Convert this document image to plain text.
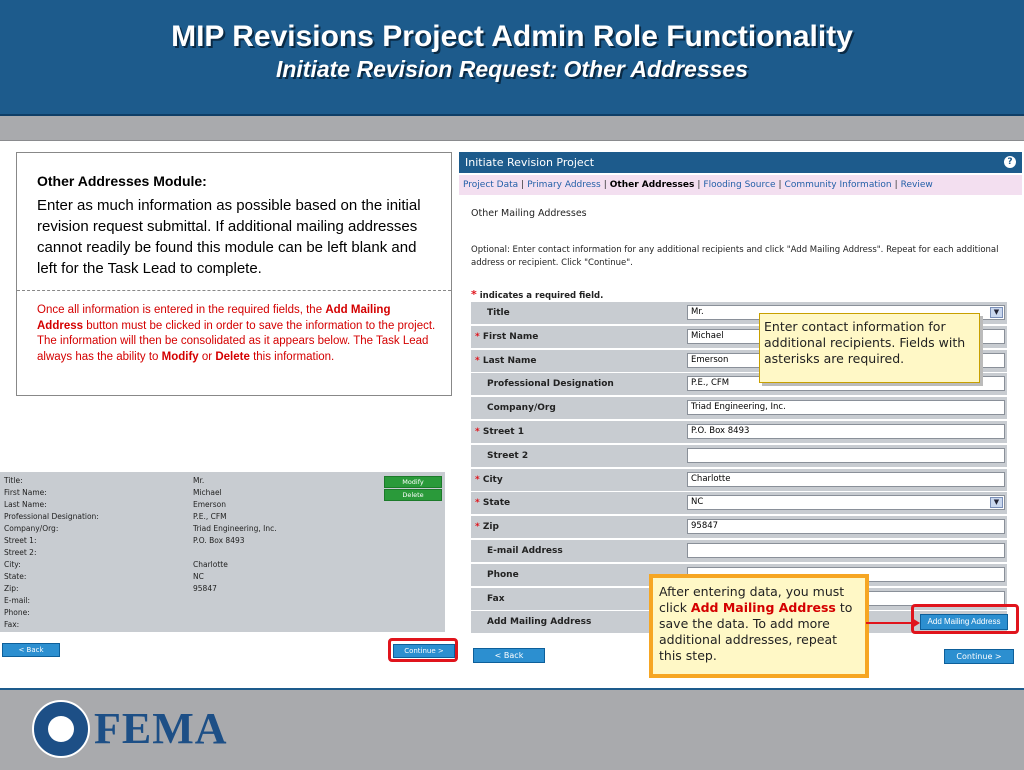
MIP Revisions Project Admin Role Functionality
Initiate Revision Request: Other Addresses
Other Addresses Module:
Enter as much information as possible based on the initial revision request submittal. If additional mailing addresses cannot readily be found this module can be left blank and left for the Task Lead to complete.
Once all information is entered in the required fields, the Add Mailing Address button must be clicked in order to save the information to the project. The information will then be consolidated as it appears below. The Task Lead always has the ability to Modify or Delete this information.
Modify
Delete
Title:	Mr.
First Name:	Michael
Last Name:	Emerson
Professional Designation:	P.E., CFM
Company/Org:	Triad Engineering, Inc.
Street 1:	P.O. Box 8493
Street 2:
City:	Charlotte
State:	NC
Zip:	95847
E-mail:
Phone:
Fax:
< Back	Continue >
Initiate Revision Project	?
Project Data | Primary Address | Other Addresses | Flooding Source | Community Information | Review
Other Mailing Addresses
Optional: Enter contact information for any additional recipients and click "Add Mailing Address". Repeat for each additional address or recipient. Click "Continue".
* indicates a required field.
Title	Mr.	▼
* First Name	Michael
* Last Name	Emerson
Professional Designation	P.E., CFM
Company/Org	Triad Engineering, Inc.
* Street 1	P.O. Box 8493
Street 2
* City	Charlotte
* State	NC	▼
* Zip	95847
E-mail Address
Phone
Fax
Add Mailing Address
< Back	Continue >
Add Mailing Address
Enter contact information for additional recipients. Fields with asterisks are required.
After entering data, you must click Add Mailing Address to save the data. To add more additional addresses, repeat this step.
FEMA
